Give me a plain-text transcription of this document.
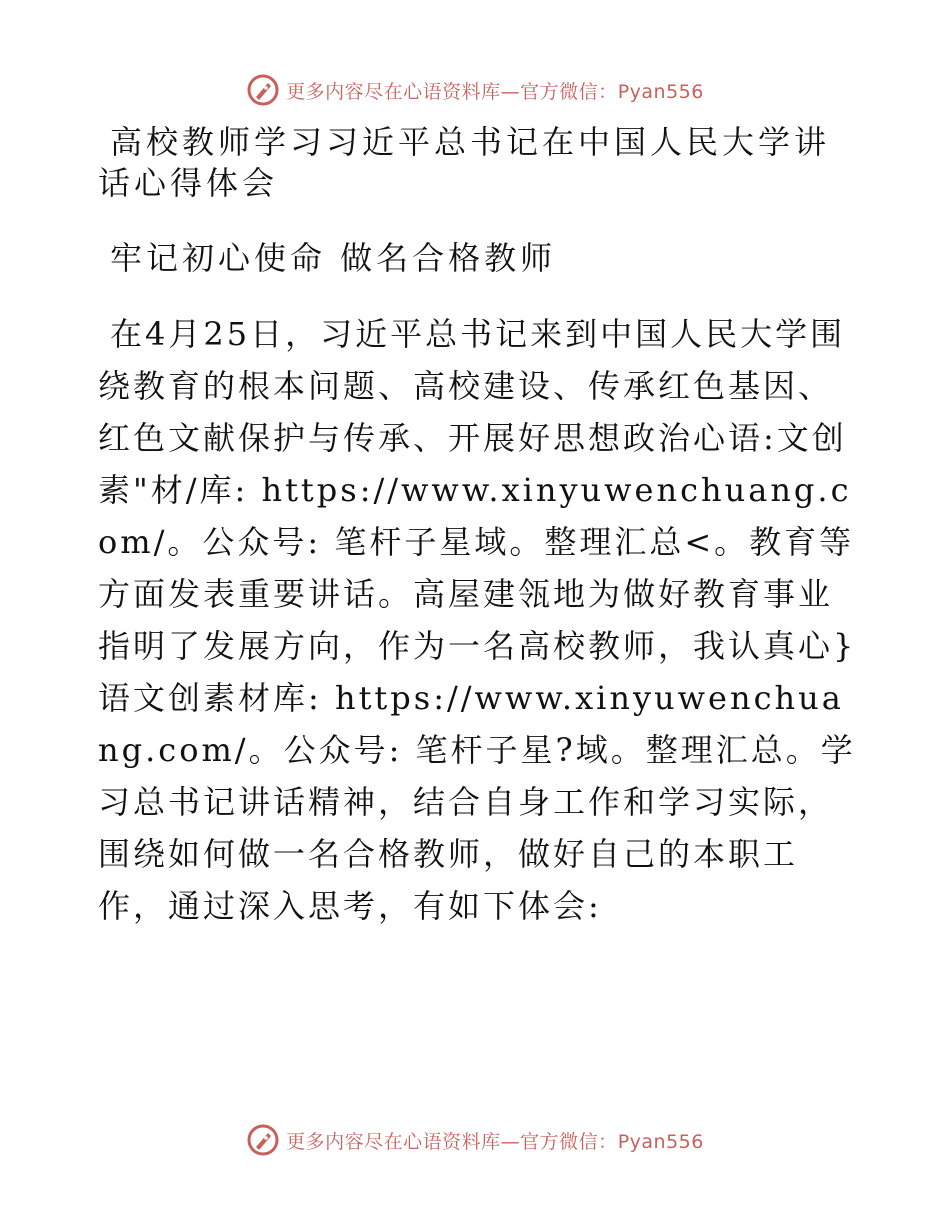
更多内容尽在心语资料库—官方微信：Pyan556
高校教师学习习近平总书记在中国人民大学讲话心得体会
牢记初心使命 做名合格教师

在4月25日，习近平总书记来到中国人民大学围绕教育的根本问题、高校建设、传承红色基因、红色文献保护与传承、开展好思想政治心语:文创素"材/库: https://www.xinyuwenchuang.com/。公众号: 笔杆子星域。整理汇总<。教育等方面发表重要讲话。高屋建瓴地为做好教育事业指明了发展方向，作为一名高校教师，我认真心}语文创素材库: https://www.xinyuwenchuang.com/。公众号: 笔杆子星?域。整理汇总。学习总书记讲话精神，结合自身工作和学习实际，围绕如何做一名合格教师，做好自己的本职工作，通过深入思考，有如下体会:

更多内容尽在心语资料库—官方微信：Pyan556
